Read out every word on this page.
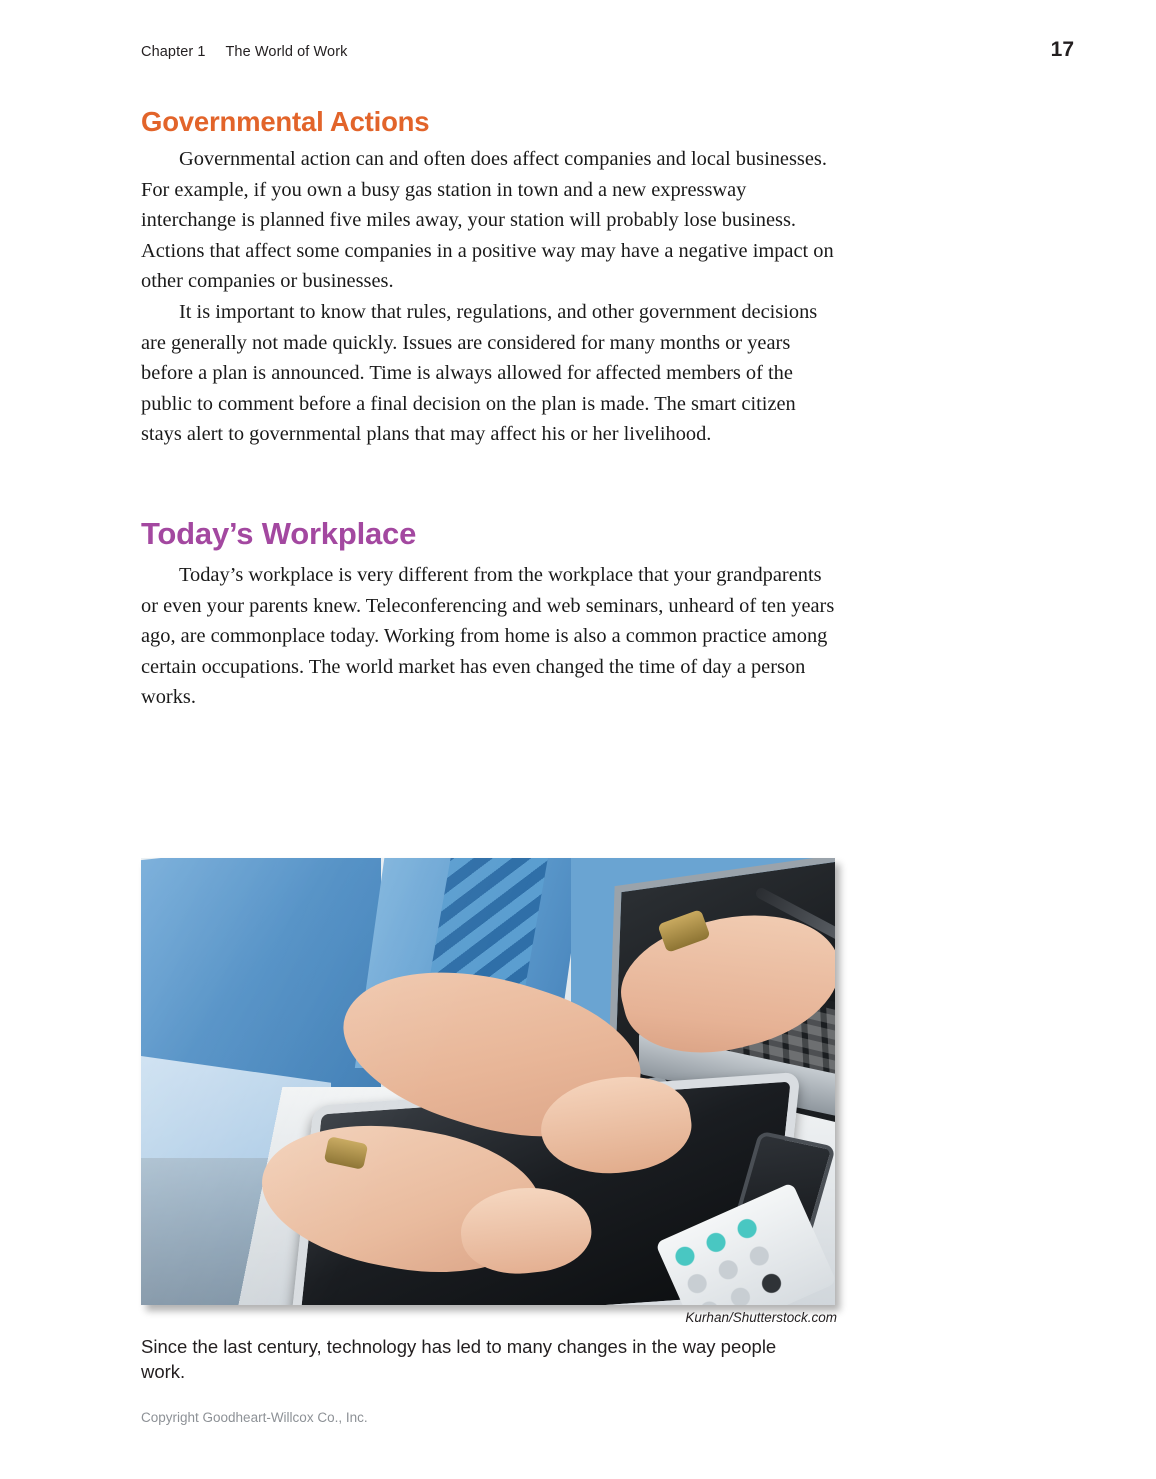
Chapter 1 The World of Work	17
Governmental Actions

Governmental action can and often does affect companies and local businesses. For example, if you own a busy gas station in town and a new expressway interchange is planned five miles away, your station will probably lose business. Actions that affect some companies in a positive way may have a negative impact on other companies or businesses.

It is important to know that rules, regulations, and other government decisions are generally not made quickly. Issues are considered for many months or years before a plan is announced. Time is always allowed for affected members of the public to comment before a final decision on the plan is made. The smart citizen stays alert to governmental plans that may affect his or her livelihood.

Today’s Workplace

Today’s workplace is very different from the workplace that your grandparents or even your parents knew. Teleconferencing and web seminars, unheard of ten years ago, are commonplace today. Working from home is also a common practice among certain occupations. The world market has even changed the time of day a person works.

Kurhan/Shutterstock.com
Since the last century, technology has led to many changes in the way people work.
Copyright Goodheart-Willcox Co., Inc.
